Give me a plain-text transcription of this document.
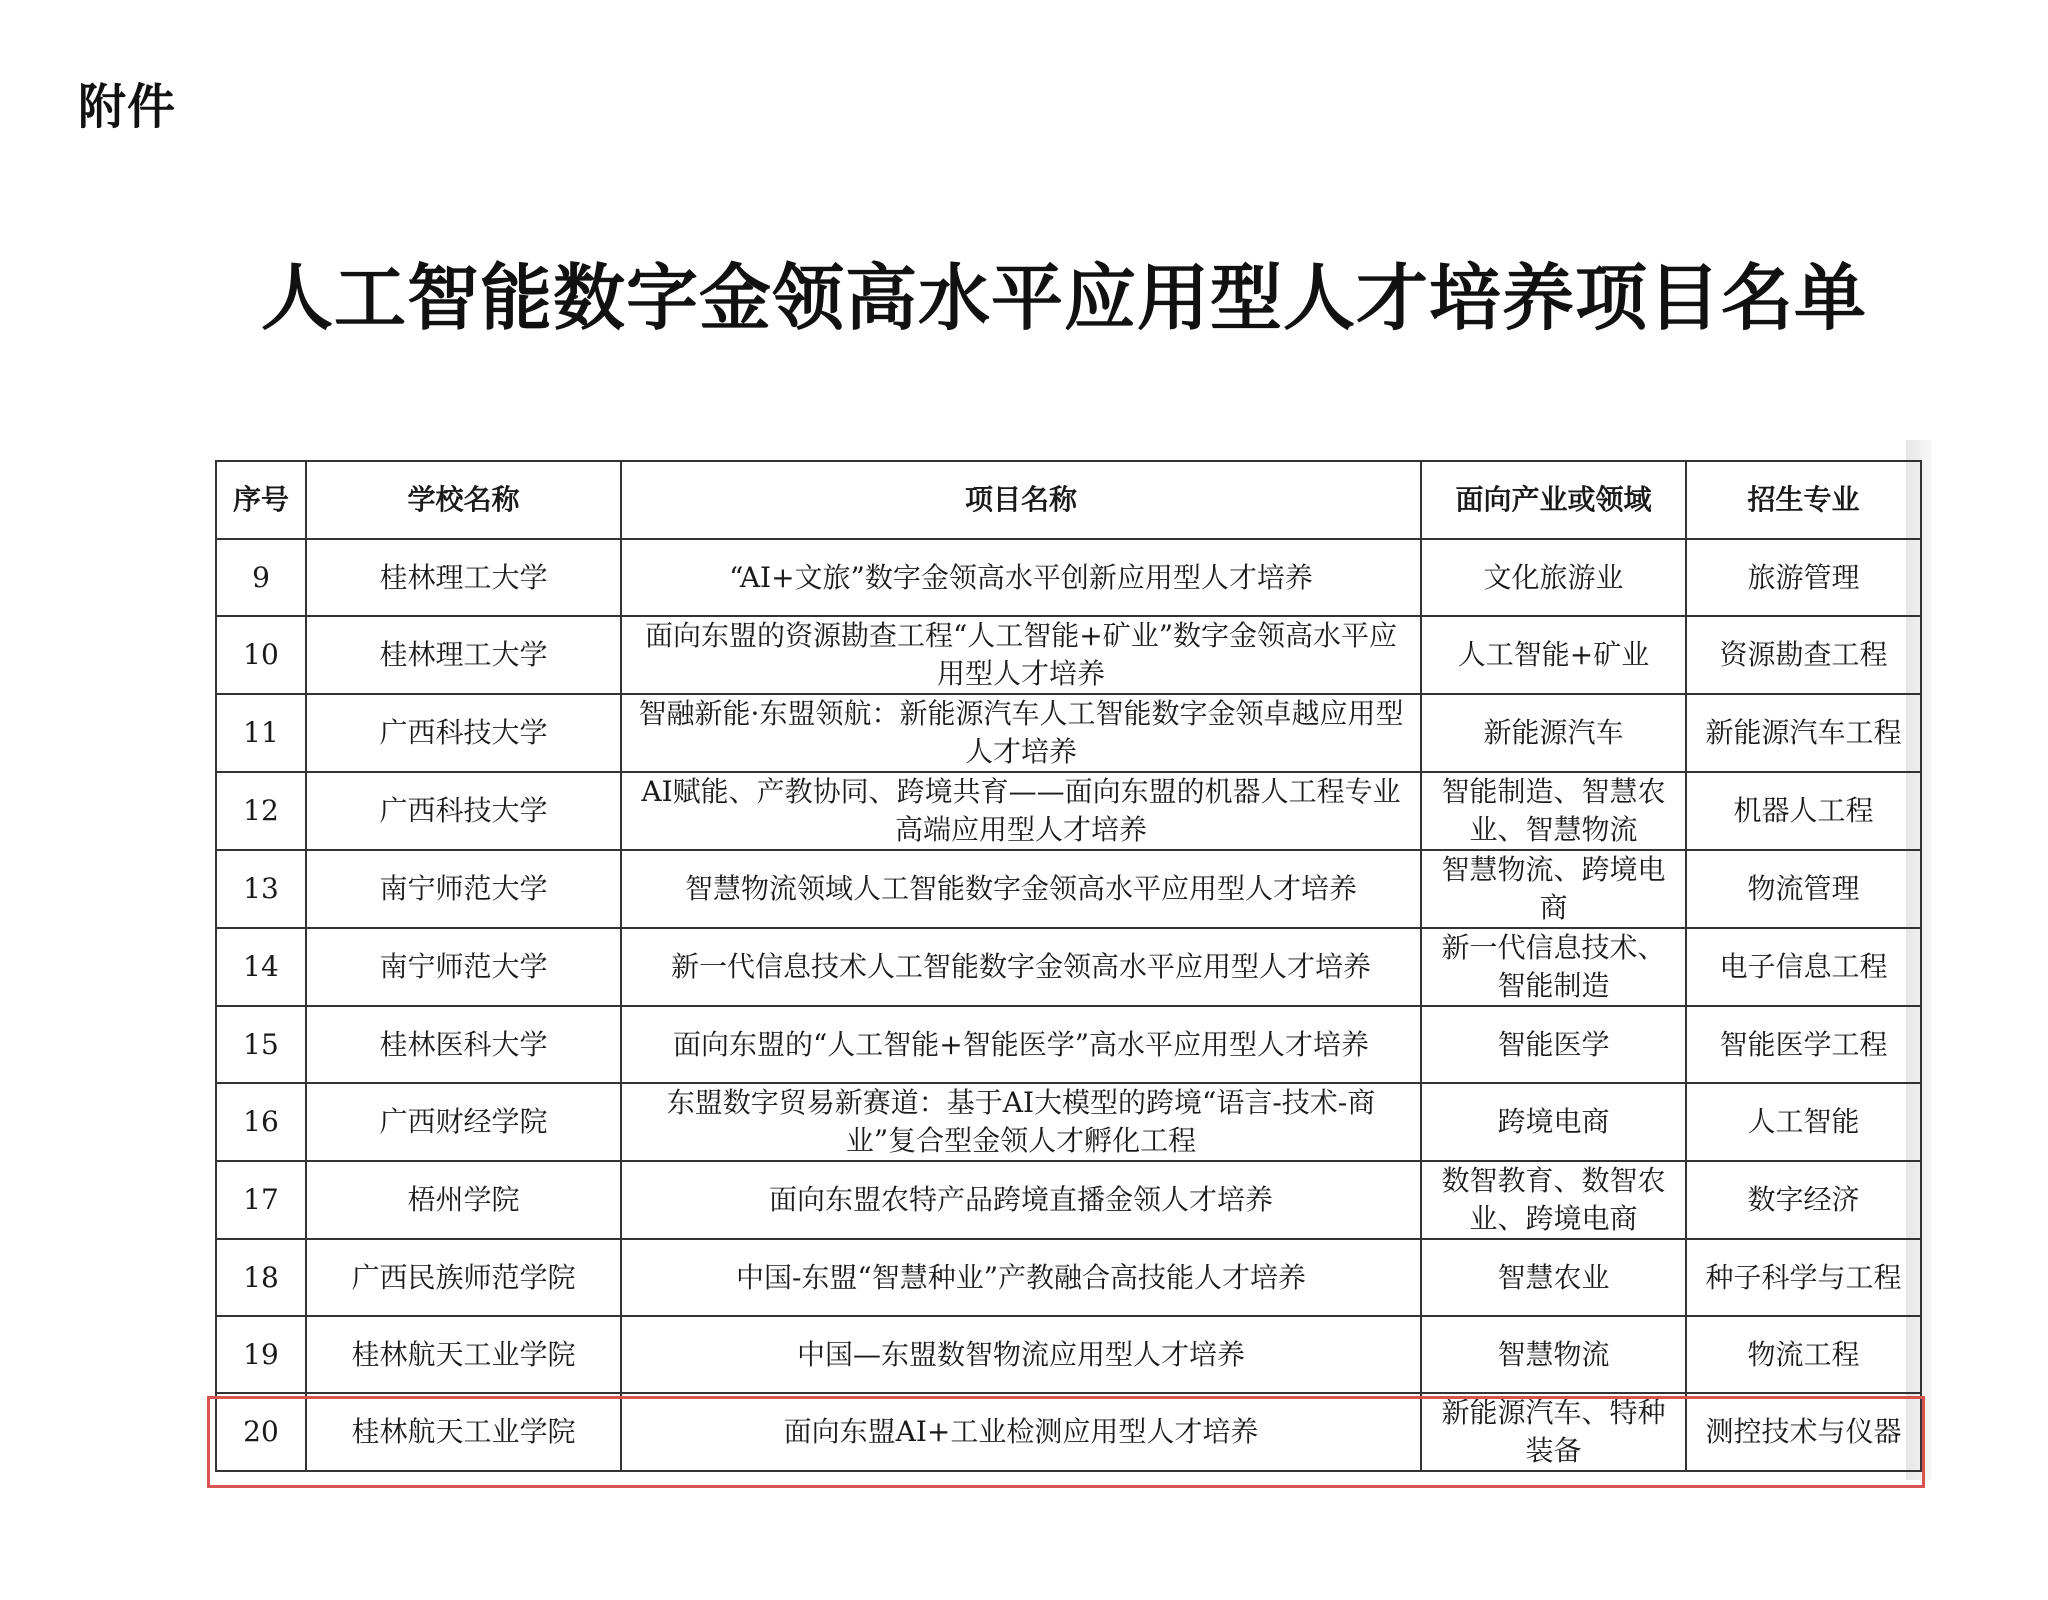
附件
人工智能数字金领高水平应用型人才培养项目名单
序号	学校名称	项目名称	面向产业或领域	招生专业
9	桂林理工大学	“AI+文旅”数字金领高水平创新应用型人才培养	文化旅游业	旅游管理
10	桂林理工大学	面向东盟的资源勘查工程“人工智能+矿业”数字金领高水平应用型人才培养	人工智能+矿业	资源勘查工程
11	广西科技大学	智融新能·东盟领航：新能源汽车人工智能数字金领卓越应用型人才培养	新能源汽车	新能源汽车工程
12	广西科技大学	AI赋能、产教协同、跨境共育——面向东盟的机器人工程专业高端应用型人才培养	智能制造、智慧农业、智慧物流	机器人工程
13	南宁师范大学	智慧物流领域人工智能数字金领高水平应用型人才培养	智慧物流、跨境电商	物流管理
14	南宁师范大学	新一代信息技术人工智能数字金领高水平应用型人才培养	新一代信息技术、智能制造	电子信息工程
15	桂林医科大学	面向东盟的“人工智能+智能医学”高水平应用型人才培养	智能医学	智能医学工程
16	广西财经学院	东盟数字贸易新赛道：基于AI大模型的跨境“语言-技术-商业”复合型金领人才孵化工程	跨境电商	人工智能
17	梧州学院	面向东盟农特产品跨境直播金领人才培养	数智教育、数智农业、跨境电商	数字经济
18	广西民族师范学院	中国-东盟“智慧种业”产教融合高技能人才培养	智慧农业	种子科学与工程
19	桂林航天工业学院	中国—东盟数智物流应用型人才培养	智慧物流	物流工程
20	桂林航天工业学院	面向东盟AI+工业检测应用型人才培养	新能源汽车、特种装备	测控技术与仪器
